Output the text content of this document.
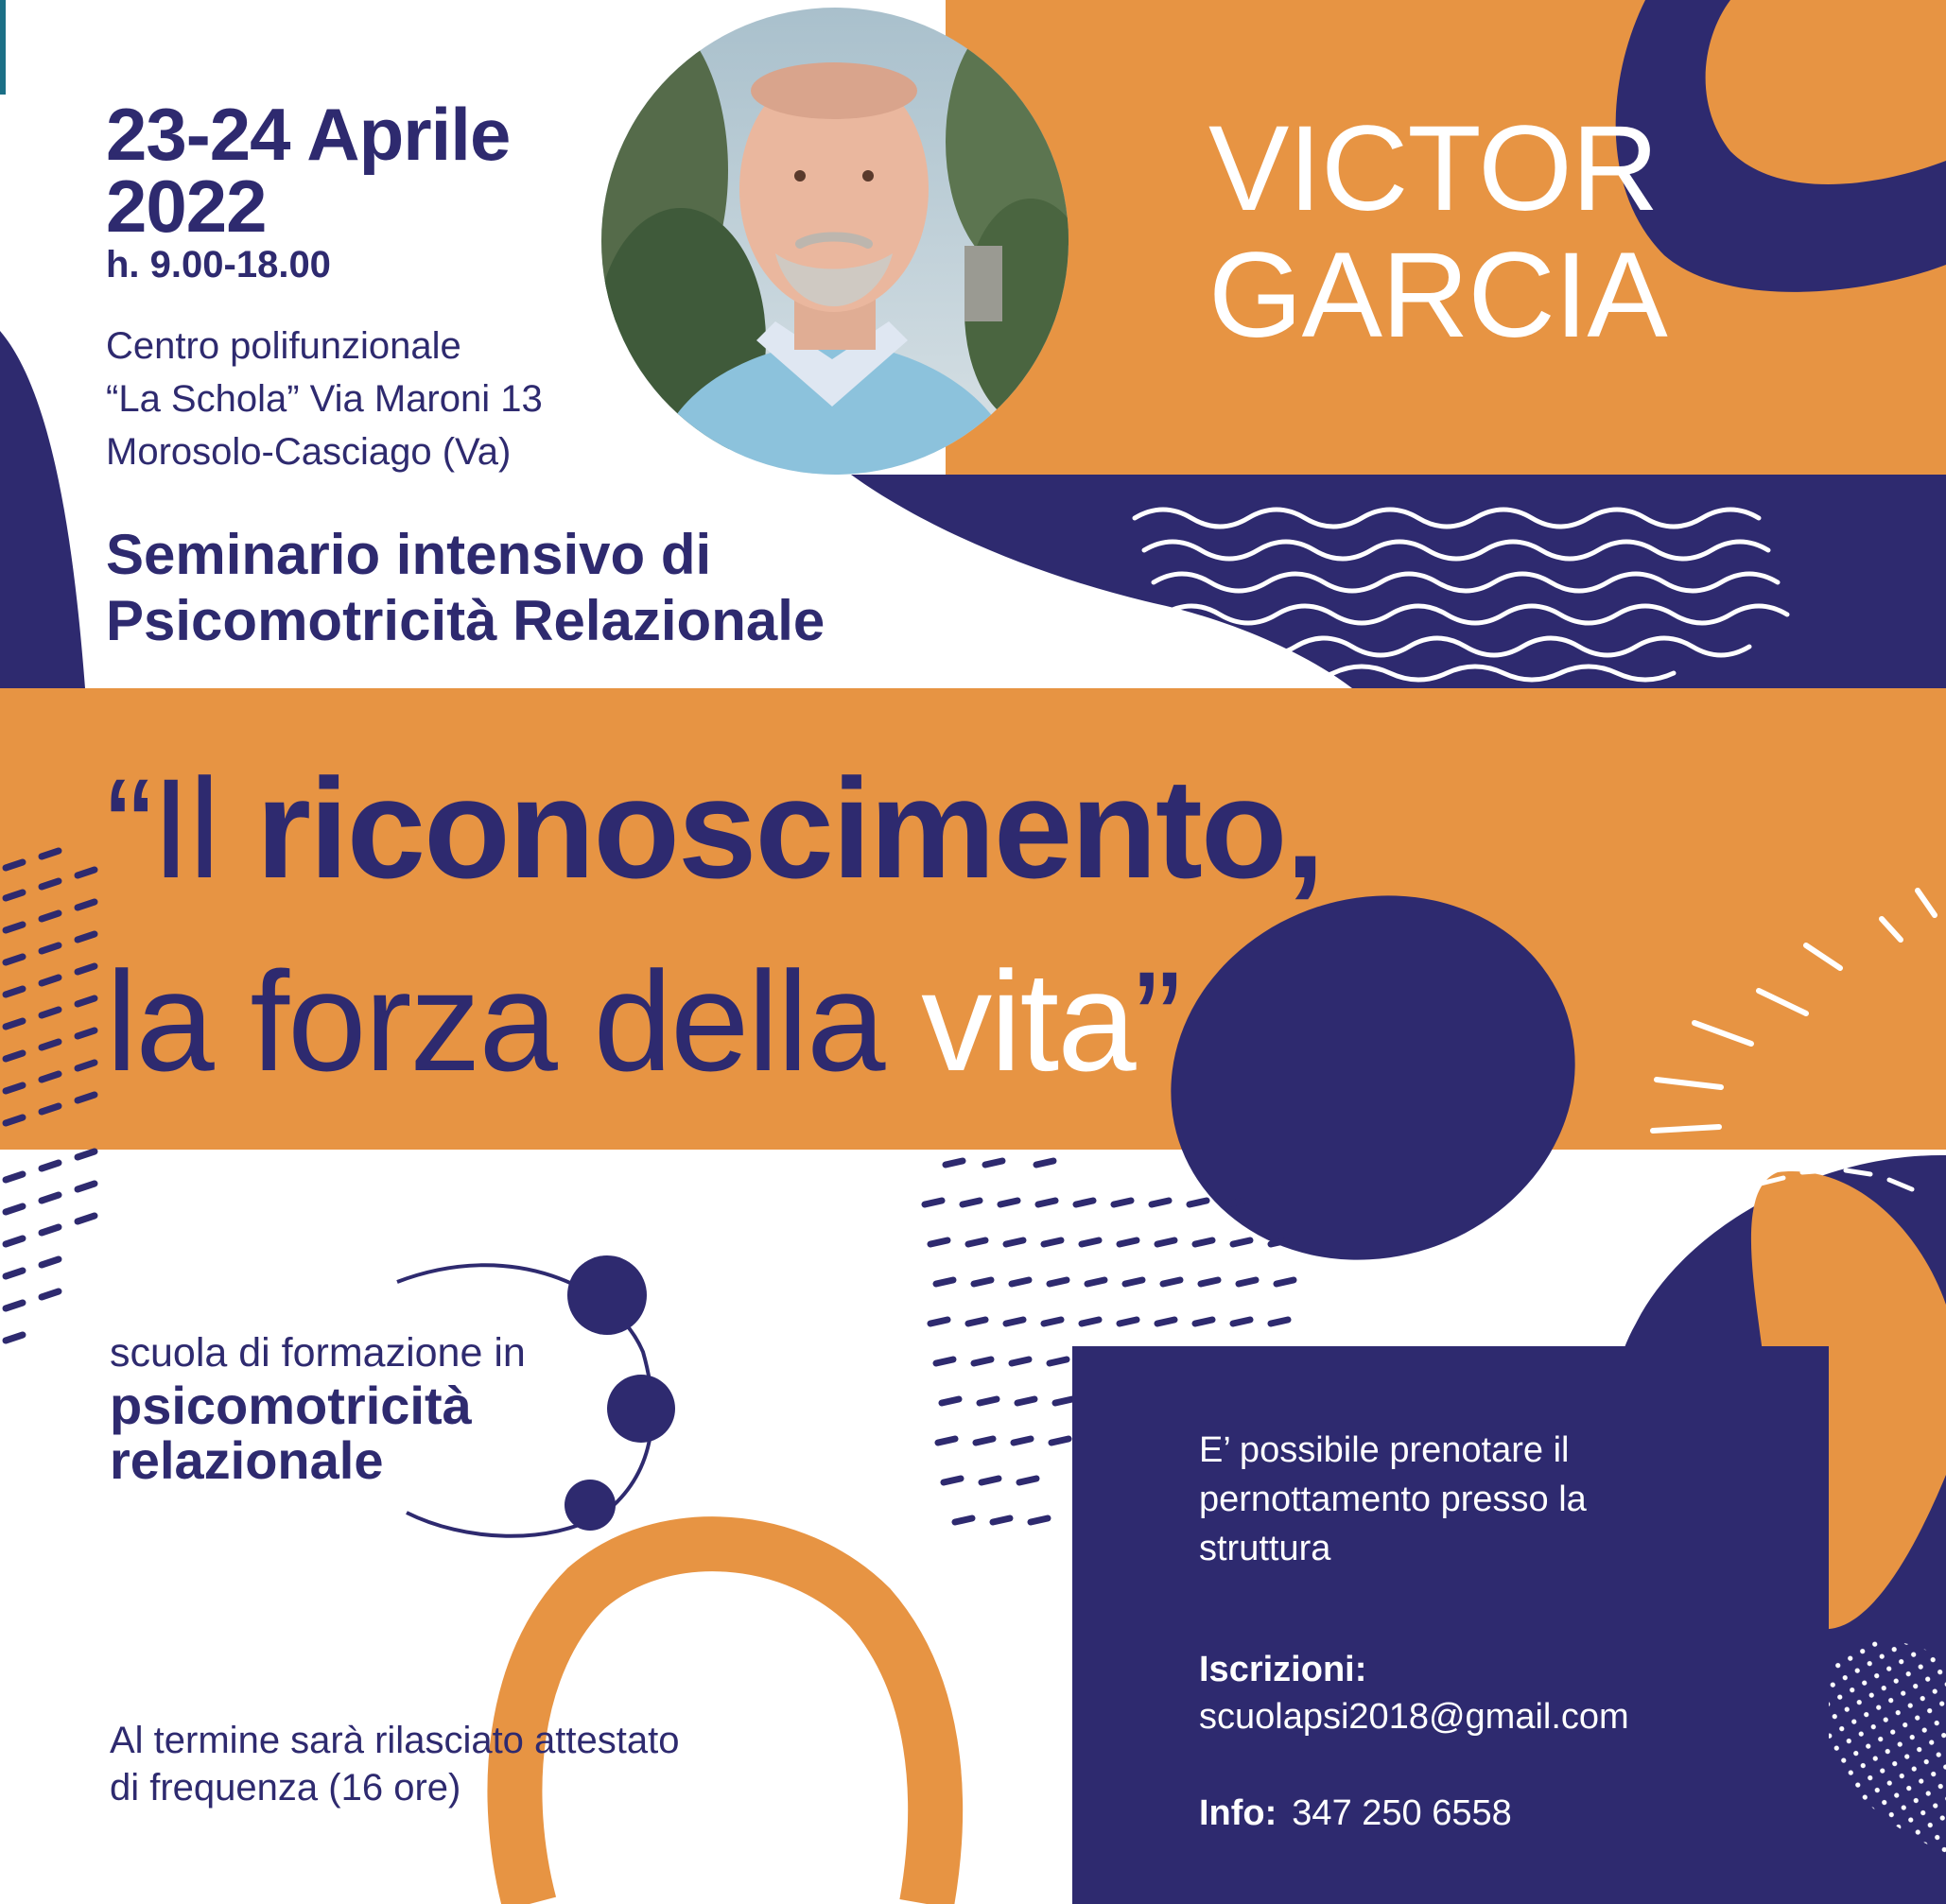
23-24 Aprile
2022
h. 9.00-18.00
Centro polifunzionale
“La Schola” Via Maroni 13
Morosolo-Casciago (Va)
VICTOR
GARCIA
Seminario intensivo di
Psicomotricità Relazionale
“Il riconoscimento,
la forza della vita”
scuola di formazione in
psicomotricità
relazionale
Al termine sarà rilasciato attestato
di frequenza (16 ore)
E’ possibile prenotare il
pernottamento presso la
struttura
Iscrizioni:
scuolapsi2018@gmail.com
Info: 347 250 6558
